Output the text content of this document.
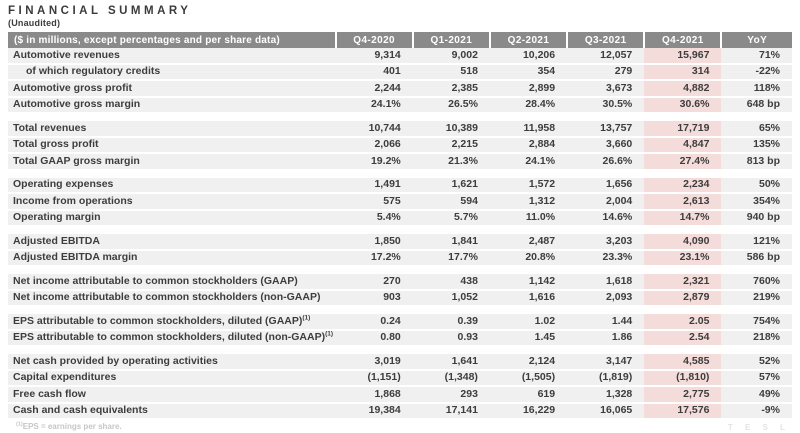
FINANCIAL SUMMARY
(Unaudited)
($ in millions, except percentages and per share data)	Q4-2020	Q1-2021	Q2-2021	Q3-2021	Q4-2021	YoY
Automotive revenues	9,314	9,002	10,206	12,057	15,967	71%
of which regulatory credits	401	518	354	279	314	-22%
Automotive gross profit	2,244	2,385	2,899	3,673	4,882	118%
Automotive gross margin	24.1%	26.5%	28.4%	30.5%	30.6%	648 bp

Total revenues	10,744	10,389	11,958	13,757	17,719	65%
Total gross profit	2,066	2,215	2,884	3,660	4,847	135%
Total GAAP gross margin	19.2%	21.3%	24.1%	26.6%	27.4%	813 bp

Operating expenses	1,491	1,621	1,572	1,656	2,234	50%
Income from operations	575	594	1,312	2,004	2,613	354%
Operating margin	5.4%	5.7%	11.0%	14.6%	14.7%	940 bp

Adjusted EBITDA	1,850	1,841	2,487	3,203	4,090	121%
Adjusted EBITDA margin	17.2%	17.7%	20.8%	23.3%	23.1%	586 bp

Net income attributable to common stockholders (GAAP)	270	438	1,142	1,618	2,321	760%
Net income attributable to common stockholders (non-GAAP)	903	1,052	1,616	2,093	2,879	219%

EPS attributable to common stockholders, diluted (GAAP)$^{(1)}$	0.24	0.39	1.02	1.44	2.05	754%
EPS attributable to common stockholders, diluted (non-GAAP)$^{(1)}$	0.80	0.93	1.45	1.86	2.54	218%

Net cash provided by operating activities	3,019	1,641	2,124	3,147	4,585	52%
Capital expenditures	(1,151)	(1,348)	(1,505)	(1,819)	(1,810)	57%
Free cash flow	1,868	293	619	1,328	2,775	49%
Cash and cash equivalents	19,384	17,141	16,229	16,065	17,576	-9%
$^{(1)}$EPS = earnings per share.	T E S L
